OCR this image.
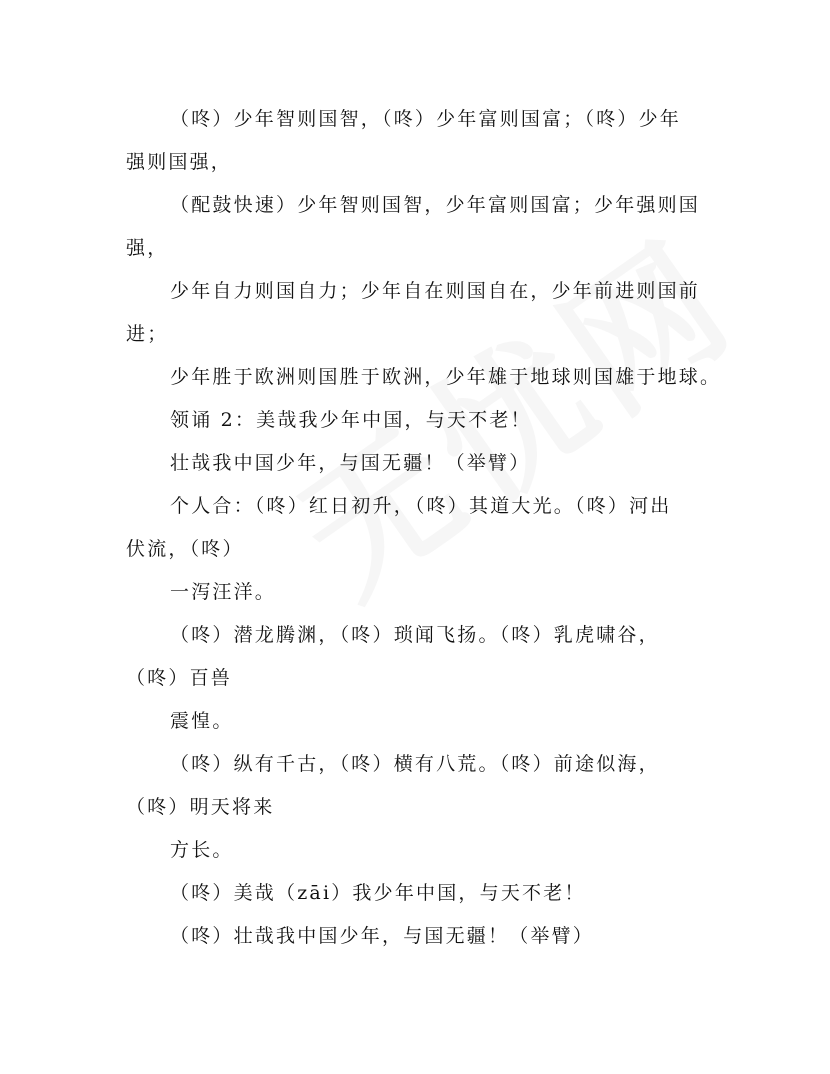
（咚）少年智则国智，（咚）少年富则国富；（咚）少年
强则国强，
（配鼓快速）少年智则国智，少年富则国富；少年强则国
强，
少年自力则国自力；少年自在则国自在，少年前进则国前
进；
少年胜于欧洲则国胜于欧洲，少年雄于地球则国雄于地球。
领诵 2：美哉我少年中国，与天不老！
壮哉我中国少年，与国无疆！（举臂）
个人合：（咚）红日初升，（咚）其道大光。（咚）河出
伏流，（咚）
一泻汪洋。
（咚）潜龙腾渊，（咚）琐闻飞扬。（咚）乳虎啸谷，
（咚）百兽
震惶。
（咚）纵有千古，（咚）横有八荒。（咚）前途似海，
（咚）明天将来
方长。
（咚）美哉（zāi）我少年中国，与天不老！
（咚）壮哉我中国少年，与国无疆！（举臂）
